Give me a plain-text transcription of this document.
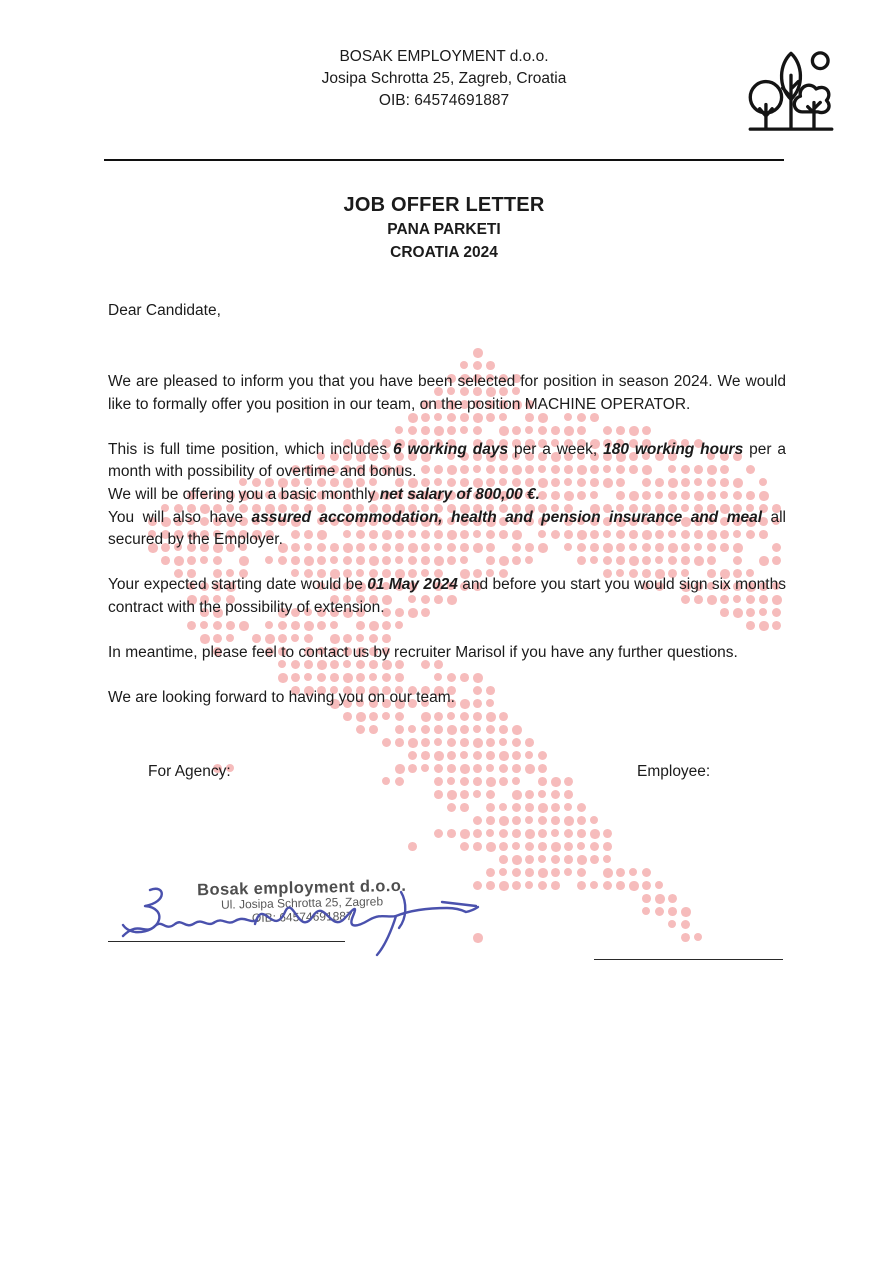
BOSAK EMPLOYMENT d.o.o.
Josipa Schrotta 25, Zagreb, Croatia
OIB: 64574691887
JOB OFFER LETTER
PANA PARKETI
CROATIA 2024
Dear Candidate,

We are pleased to inform you that you have been selected for position in season 2024. We would like to formally offer you position in our team, on the position MACHINE OPERATOR.

This is full time position, which includes 6 working days per a week, 180 working hours per a month with possibility of overtime and bonus.

We will be offering you a basic monthly net salary of 800,00 €.

You will also have assured accommodation, health and pension insurance and meal all secured by the Employer.

Your expected starting date would be 01 May 2024 and before you start you would sign six months contract with the possibility of extension.

In meantime, please feel to contact us by recruiter Marisol if you have any further questions.

We are looking forward to having you on our team.

For Agency:	Employee:
Bosak employment d.o.o.
Ul. Josipa Schrotta 25, Zagreb
OIB: 64574691887
